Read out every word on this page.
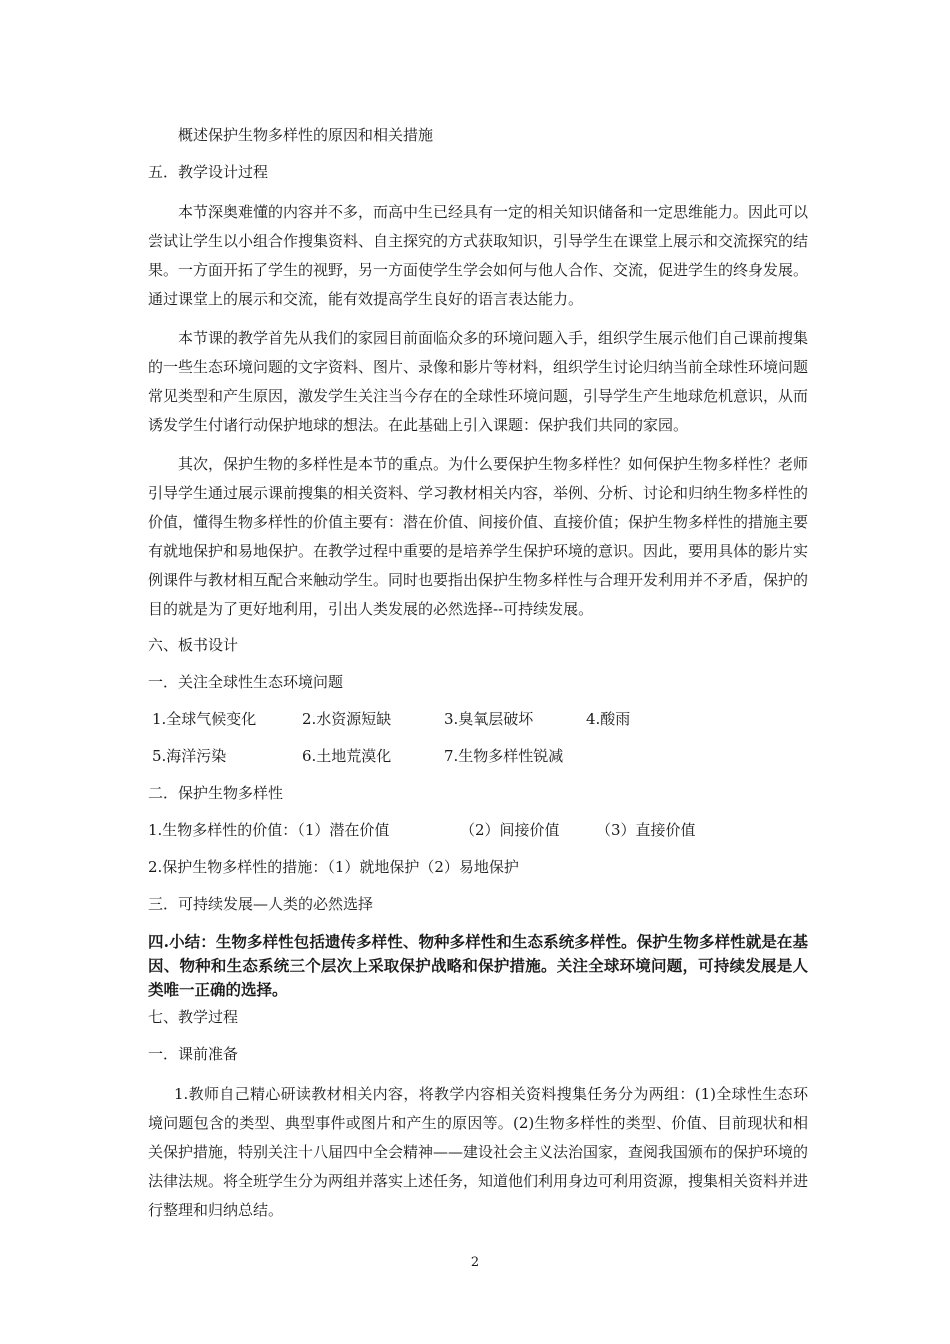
概述保护生物多样性的原因和相关措施
五．教学设计过程

本节深奥难懂的内容并不多，而高中生已经具有一定的相关知识储备和一定思维能力。因此可以尝试让学生以小组合作搜集资料、自主探究的方式获取知识，引导学生在课堂上展示和交流探究的结果。一方面开拓了学生的视野，另一方面使学生学会如何与他人合作、交流，促进学生的终身发展。通过课堂上的展示和交流，能有效提高学生良好的语言表达能力。

本节课的教学首先从我们的家园目前面临众多的环境问题入手，组织学生展示他们自己课前搜集的一些生态环境问题的文字资料、图片、录像和影片等材料，组织学生讨论归纳当前全球性环境问题常见类型和产生原因，激发学生关注当今存在的全球性环境问题，引导学生产生地球危机意识，从而诱发学生付诸行动保护地球的想法。在此基础上引入课题：保护我们共同的家园。

其次，保护生物的多样性是本节的重点。为什么要保护生物多样性？如何保护生物多样性？老师引导学生通过展示课前搜集的相关资料、学习教材相关内容，举例、分析、讨论和归纳生物多样性的价值，懂得生物多样性的价值主要有：潜在价值、间接价值、直接价值；保护生物多样性的措施主要有就地保护和易地保护。在教学过程中重要的是培养学生保护环境的意识。因此，要用具体的影片实例课件与教材相互配合来触动学生。同时也要指出保护生物多样性与合理开发利用并不矛盾，保护的目的就是为了更好地利用，引出人类发展的必然选择--可持续发展。

六、板书设计
一．关注全球性生态环境问题
1.全球气候变化	2.水资源短缺	3.臭氧层破坏	4.酸雨
5.海洋污染	6.土地荒漠化	7.生物多样性锐减
二．保护生物多样性
1.生物多样性的价值：（1）潜在价值	（2）间接价值	（3）直接价值
2.保护生物多样性的措施：（1）就地保护（2）易地保护
三．可持续发展—人类的必然选择

四.小结：生物多样性包括遗传多样性、物种多样性和生态系统多样性。保护生物多样性就是在基因、物种和生态系统三个层次上采取保护战略和保护措施。关注全球环境问题，可持续发展是人类唯一正确的选择。

七、教学过程
一．课前准备

1.教师自己精心研读教材相关内容，将教学内容相关资料搜集任务分为两组：(1)全球性生态环境问题包含的类型、典型事件或图片和产生的原因等。(2)生物多样性的类型、价值、目前现状和相关保护措施，特别关注十八届四中全会精神——建设社会主义法治国家，查阅我国颁布的保护环境的法律法规。将全班学生分为两组并落实上述任务，知道他们利用身边可利用资源，搜集相关资料并进行整理和归纳总结。

2
